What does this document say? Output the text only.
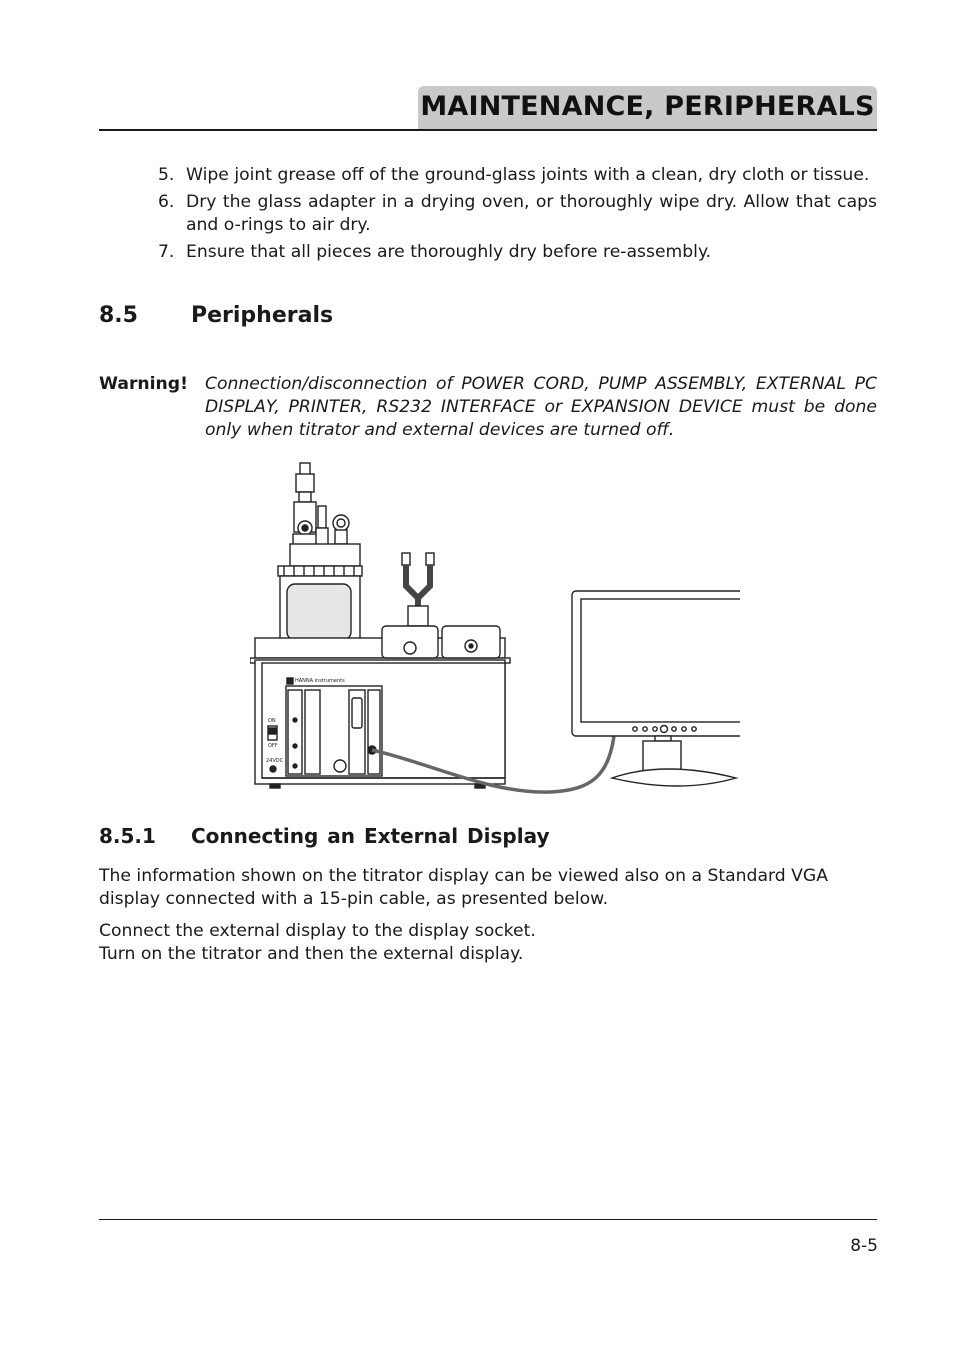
MAINTENANCE, PERIPHERALS
5. Wipe joint grease off of the ground-glass joints with a clean, dry cloth or tissue.
6. Dry the glass adapter in a drying oven, or thoroughly wipe dry. Allow that caps and o-rings to air dry.
7. Ensure that all pieces are thoroughly dry before re-assembly.
8.5 Peripherals
Warning! Connection/disconnection of POWER CORD, PUMP ASSEMBLY, EXTERNAL PC DISPLAY, PRINTER, RS232 INTERFACE or EXPANSION DEVICE must be done only when titrator and external devices are turned off.
HANNA instruments
ON
OFF
24VDC
8.5.1 Connecting an External Display

The information shown on the titrator display can be viewed also on a Standard VGA display connected with a 15-pin cable, as presented below.

Connect the external display to the display socket.
Turn on the titrator and then the external display.

8-5
